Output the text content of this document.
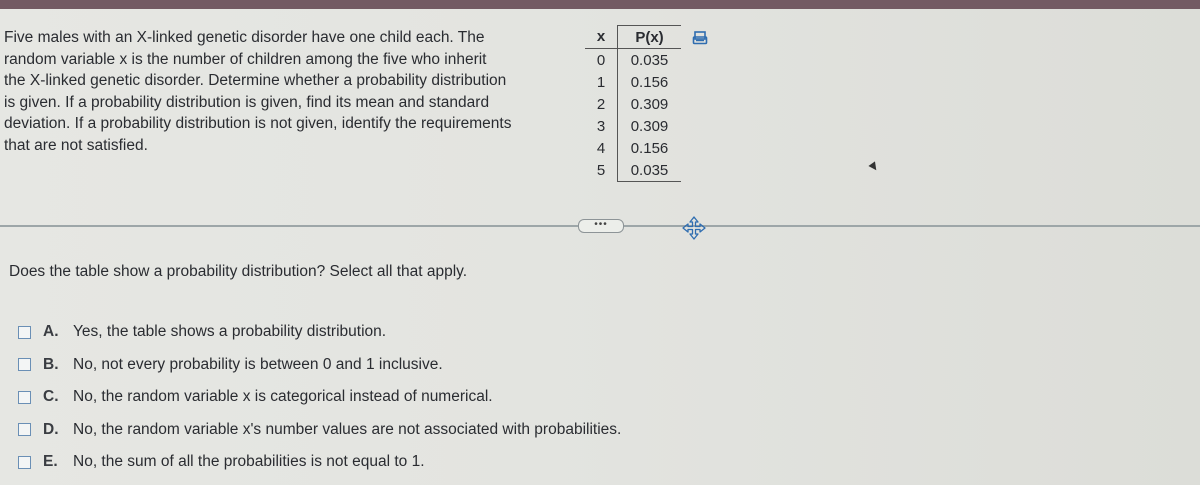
Five males with an X-linked genetic disorder have one child each. The

random variable x is the number of children among the five who inherit

the X-linked genetic disorder. Determine whether a probability distribution

is given. If a probability distribution is given, find its mean and standard

deviation. If a probability distribution is not given, identify the requirements

that are not satisfied.

x	P(x)
0	0.035
1	0.156
2	0.309
3	0.309
4	0.156
5	0.035
•••
Does the table show a probability distribution? Select all that apply.
A. Yes, the table shows a probability distribution.
B. No, not every probability is between 0 and 1 inclusive.
C. No, the random variable x is categorical instead of numerical.
D. No, the random variable x's number values are not associated with probabilities.
E. No, the sum of all the probabilities is not equal to 1.
